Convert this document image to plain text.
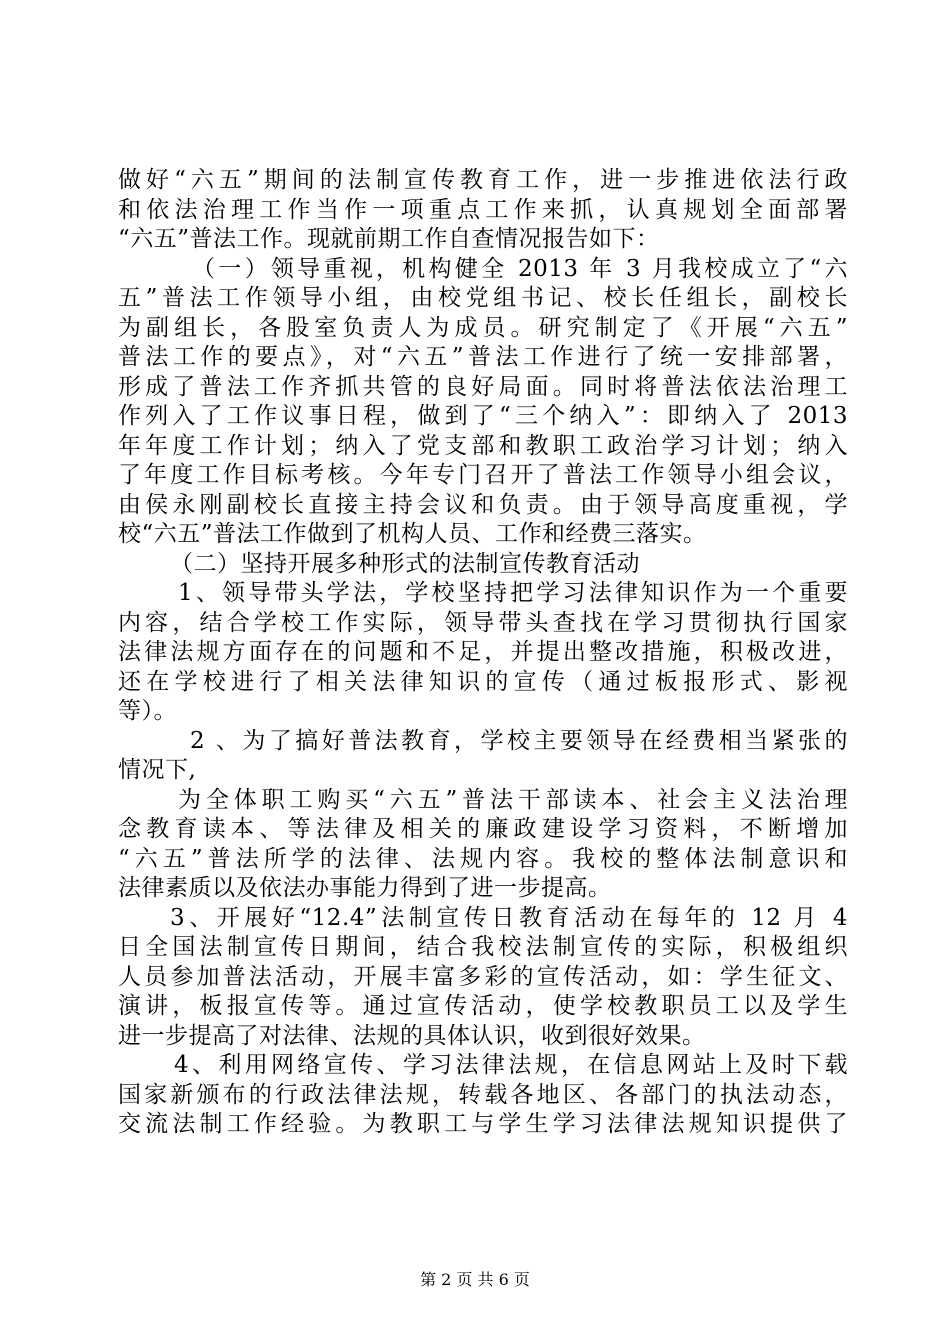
做好“六五”期间的法制宣传教育工作，进一步推进依法行政
和依法治理工作当作一项重点工作来抓，认真规划全面部署
“六五”普法工作。现就前期工作自查情况报告如下：
（一）领导重视，机构健全 2013 年 3 月我校成立了“六
五”普法工作领导小组，由校党组书记、校长任组长，副校长
为副组长，各股室负责人为成员。研究制定了《开展“六五”
普法工作的要点》，对“六五”普法工作进行了统一安排部署，
形成了普法工作齐抓共管的良好局面。同时将普法依法治理工
作列入了工作议事日程，做到了“三个纳入”：即纳入了 2013
年年度工作计划；纳入了党支部和教职工政治学习计划；纳入
了年度工作目标考核。今年专门召开了普法工作领导小组会议，
由侯永刚副校长直接主持会议和负责。由于领导高度重视，学
校“六五”普法工作做到了机构人员、工作和经费三落实。
（二）坚持开展多种形式的法制宣传教育活动
1、领导带头学法，学校坚持把学习法律知识作为一个重要
内容，结合学校工作实际，领导带头查找在学习贯彻执行国家
法律法规方面存在的问题和不足，并提出整改措施，积极改进，
还在学校进行了相关法律知识的宣传（通过板报形式、影视
等）。
2 、为了搞好普法教育，学校主要领导在经费相当紧张的
情况下,
为全体职工购买“六五”普法干部读本、社会主义法治理
念教育读本、等法律及相关的廉政建设学习资料，不断增加
“六五”普法所学的法律、法规内容。我校的整体法制意识和
法律素质以及依法办事能力得到了进一步提高。
3、开展好“12.4”法制宣传日教育活动在每年的 12 月 4
日全国法制宣传日期间，结合我校法制宣传的实际，积极组织
人员参加普法活动，开展丰富多彩的宣传活动，如：学生征文、
演讲，板报宣传等。通过宣传活动，使学校教职员工以及学生
进一步提高了对法律、法规的具体认识，收到很好效果。
4、利用网络宣传、学习法律法规，在信息网站上及时下载
国家新颁布的行政法律法规，转载各地区、各部门的执法动态，
交流法制工作经验。为教职工与学生学习法律法规知识提供了
第 2 页 共 6 页
